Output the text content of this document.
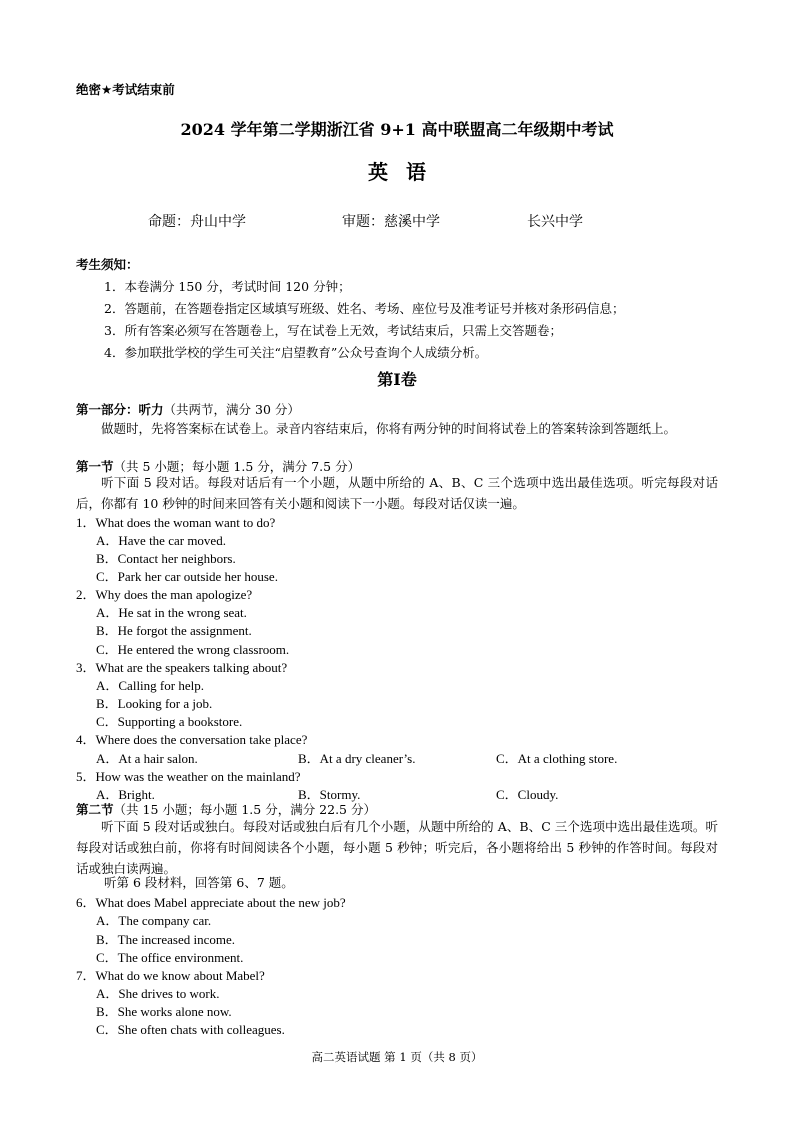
绝密★考试结束前
2024 学年第二学期浙江省 9+1 高中联盟高二年级期中考试
英语
命题：舟山中学	审题：慈溪中学	长兴中学
考生须知：
1．本卷满分 150 分，考试时间 120 分钟；
2．答题前，在答题卷指定区域填写班级、姓名、考场、座位号及准考证号并核对条形码信息；
3．所有答案必须写在答题卷上，写在试卷上无效，考试结束后，只需上交答题卷；
4．参加联批学校的学生可关注“启望教育”公众号查询个人成绩分析。
第Ⅰ卷
第一部分：听力（共两节，满分 30 分）
做题时，先将答案标在试卷上。录音内容结束后，你将有两分钟的时间将试卷上的答案转涂到答题纸上。
第一节（共 5 小题；每小题 1.5 分，满分 7.5 分）
听下面 5 段对话。每段对话后有一个小题，从题中所给的 A、B、C 三个选项中选出最佳选项。听完每段对话后，你都有 10 秒钟的时间来回答有关小题和阅读下一小题。每段对话仅读一遍。
1．What does the woman want to do?
A．Have the car moved.
B．Contact her neighbors.
C．Park her car outside her house.
2．Why does the man apologize?
A．He sat in the wrong seat.
B．He forgot the assignment.
C．He entered the wrong classroom.
3．What are the speakers talking about?
A．Calling for help.
B．Looking for a job.
C．Supporting a bookstore.
4．Where does the conversation take place?
A．At a hair salon.	B．At a dry cleaner’s.	C．At a clothing store.
5．How was the weather on the mainland?
A．Bright.	B．Stormy.	C．Cloudy.
第二节（共 15 小题；每小题 1.5 分，满分 22.5 分）
听下面 5 段对话或独白。每段对话或独白后有几个小题，从题中所给的 A、B、C 三个选项中选出最佳选项。听每段对话或独白前，你将有时间阅读各个小题，每小题 5 秒钟；听完后，各小题将给出 5 秒钟的作答时间。每段对话或独白读两遍。
听第 6 段材料，回答第 6、7 题。
6．What does Mabel appreciate about the new job?
A．The company car.
B．The increased income.
C．The office environment.
7．What do we know about Mabel?
A．She drives to work.
B．She works alone now.
C．She often chats with colleagues.
高二英语试题 第 1 页（共 8 页）
